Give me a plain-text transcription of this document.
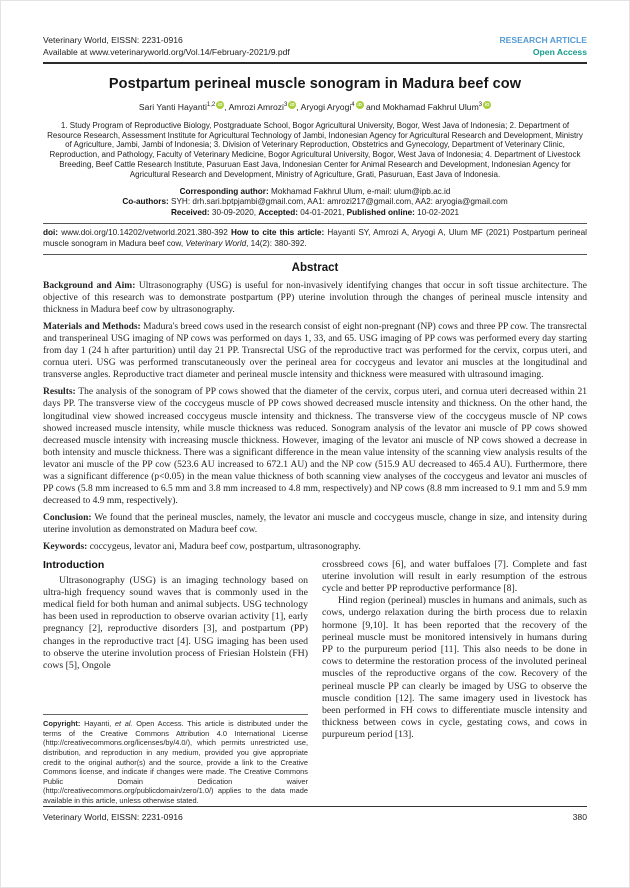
Veterinary World, EISSN: 2231-0916
Available at www.veterinaryworld.org/Vol.14/February-2021/9.pdf
RESEARCH ARTICLE
Open Access
Postpartum perineal muscle sonogram in Madura beef cow
Sari Yanti Hayanti$^{1,2}$ iD , Amrozi Amrozi$^3$ iD , Aryogi Aryogi$^4$ iD and Mokhamad Fakhrul Ulum$^3$ iD
1. Study Program of Reproductive Biology, Postgraduate School, Bogor Agricultural University, Bogor, West Java of Indonesia; 2. Department of Resource Research, Assessment Institute for Agricultural Technology of Jambi, Indonesian Agency for Agricultural Research and Development, Ministry of Agriculture, Jambi, Jambi of Indonesia; 3. Division of Veterinary Reproduction, Obstetrics and Gynecology, Department of Veterinary Clinic, Reproduction, and Pathology, Faculty of Veterinary Medicine, Bogor Agricultural University, Bogor, West Java of Indonesia; 4. Department of Livestock Breeding, Beef Cattle Research Institute, Pasuruan East Java, Indonesian Center for Animal Research and Development, Indonesian Agency for Agricultural Research and Development, Ministry of Agriculture, Grati, Pasuruan, East Java of Indonesia.
Corresponding author: Mokhamad Fakhrul Ulum, e-mail: ulum@ipb.ac.id
Co-authors: SYH: drh.sari.bptpjambi@gmail.com, AA1: amrozi217@gmail.com, AA2: aryogia@gmail.com
Received: 30-09-2020, Accepted: 04-01-2021, Published online: 10-02-2021
doi: www.doi.org/10.14202/vetworld.2021.380-392 How to cite this article: Hayanti SY, Amrozi A, Aryogi A, Ulum MF (2021) Postpartum perineal muscle sonogram in Madura beef cow, Veterinary World, 14(2): 380-392.
Abstract

Background and Aim: Ultrasonography (USG) is useful for non-invasively identifying changes that occur in soft tissue architecture. The objective of this research was to demonstrate postpartum (PP) uterine involution through the changes of perineal muscle intensity and thickness in Madura beef cow by ultrasonography.

Materials and Methods: Madura's breed cows used in the research consist of eight non-pregnant (NP) cows and three PP cow. The transrectal and transperineal USG imaging of NP cows was performed on days 1, 33, and 65. USG imaging of PP cows was performed every day starting from day 1 (24 h after parturition) until day 21 PP. Transrectal USG of the reproductive tract was performed for the cervix, corpus uteri, and cornua uteri. USG was performed transcutaneously over the perineal area for coccygeus and levator ani muscles at the longitudinal and transverse angles. Reproductive tract diameter and perineal muscle intensity and thickness were measured with ultrasound imaging.

Results: The analysis of the sonogram of PP cows showed that the diameter of the cervix, corpus uteri, and cornua uteri decreased within 21 days PP. The transverse view of the coccygeus muscle of PP cows showed decreased muscle intensity and thickness. On the other hand, the longitudinal view showed increased coccygeus muscle intensity and thickness. The transverse view of the coccygeus muscle of NP cows showed increased muscle intensity, while muscle thickness was reduced. Sonogram analysis of the levator ani muscle of PP cows showed decreased muscle intensity with increasing muscle thickness. However, imaging of the levator ani muscle of NP cows showed a decrease in both intensity and muscle thickness. There was a significant difference in the mean value intensity of the scanning view analysis results of the levator ani muscle of the PP cow (523.6 AU increased to 672.1 AU) and the NP cow (515.9 AU decreased to 465.4 AU). Furthermore, there was a significant difference (p<0.05) in the mean value thickness of both scanning view analyses of the coccygeus and levator ani muscles of PP cows (5.8 mm increased to 6.5 mm and 3.8 mm increased to 4.8 mm, respectively) and NP cows (8.8 mm increased to 9.1 mm and 5.9 mm decreased to 4.9 mm, respectively).

Conclusion: We found that the perineal muscles, namely, the levator ani muscle and coccygeus muscle, change in size, and intensity during uterine involution as demonstrated on Madura beef cow.

Keywords: coccygeus, levator ani, Madura beef cow, postpartum, ultrasonography.

Introduction
Ultrasonography (USG) is an imaging technology based on ultra-high frequency sound waves that is commonly used in the medical field for both human and animal subjects. USG technology has been used in reproduction to observe ovarian activity [1], early pregnancy [2], reproductive disorders [3], and postpartum (PP) changes in the reproductive tract [4]. USG imaging has been used to observe the uterine involution process of Friesian Holstein (FH) cows [5], Ongole
Copyright: Hayanti, et al. Open Access. This article is distributed under the terms of the Creative Commons Attribution 4.0 International License (http://creativecommons.org/licenses/by/4.0/), which permits unrestricted use, distribution, and reproduction in any medium, provided you give appropriate credit to the original author(s) and the source, provide a link to the Creative Commons license, and indicate if changes were made. The Creative Commons Public Domain Dedication waiver (http://creativecommons.org/publicdomain/zero/1.0/) applies to the data made available in this article, unless otherwise stated.
crossbreed cows [6], and water buffaloes [7]. Complete and fast uterine involution will result in early resumption of the estrous cycle and better PP reproductive performance [8].
Hind region (perineal) muscles in humans and animals, such as cows, undergo relaxation during the birth process due to relaxin hormone [9,10]. It has been reported that the recovery of the perineal muscle must be monitored intensively in humans during PP to the purpureum period [11]. This also needs to be done in cows to determine the restoration process of the involuted perineal muscles of the reproductive organs of the cow. Recovery of the perineal muscle PP can clearly be imaged by USG to observe the muscle condition [12]. The same imagery used in livestock has been performed in FH cows to differentiate muscle intensity and thickness between cows in cycle, gestating cows, and cows in purpureum period [13].
Veterinary World, EISSN: 2231-0916	380
